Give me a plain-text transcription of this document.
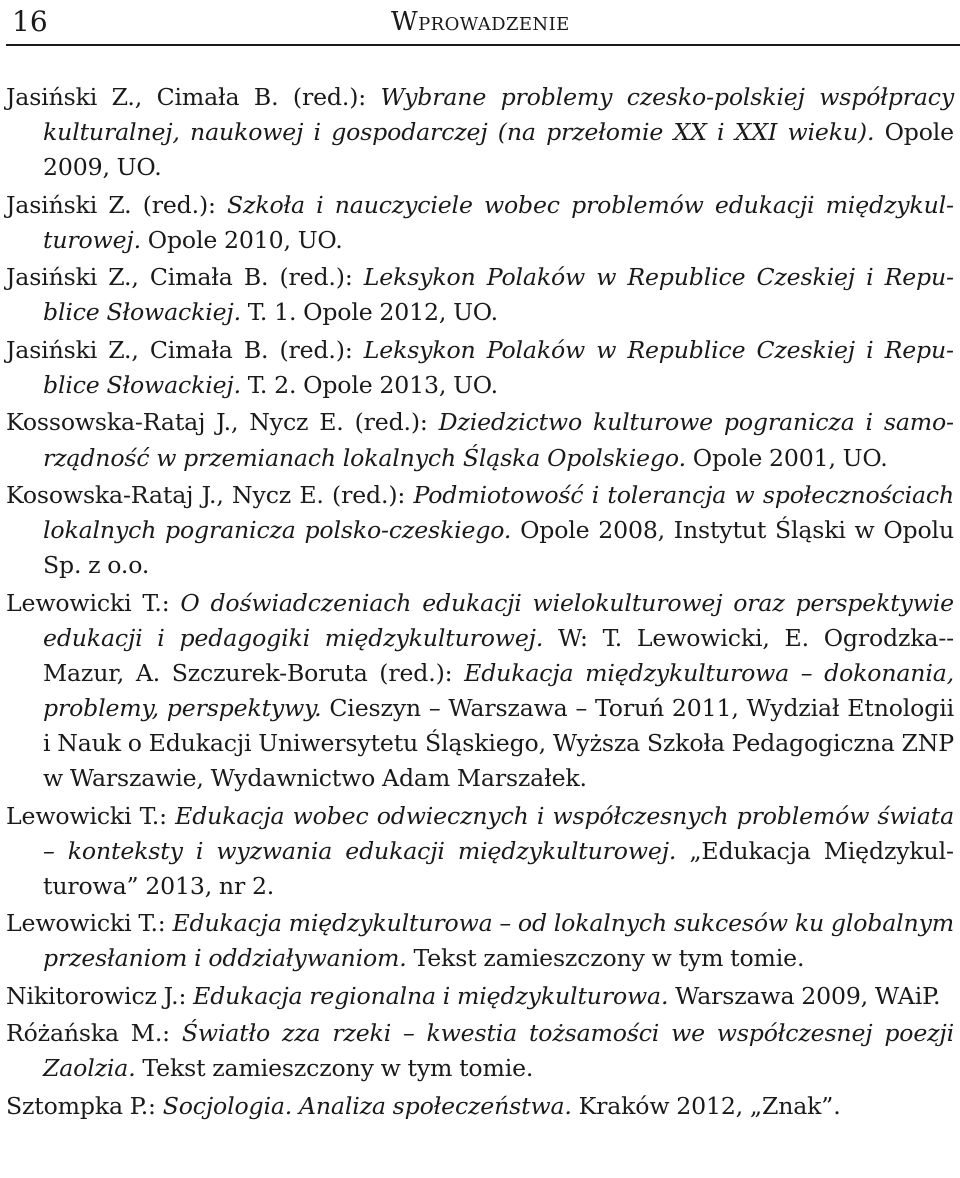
16	Wprowadzenie
Jasiński Z., Cimała B. (red.): Wybrane problemy czesko-polskiej współpracy kulturalnej, naukowej i gospodarczej (na przełomie XX i XXI wieku). Opole 2009, UO.
Jasiński Z. (red.): Szkoła i nauczyciele wobec problemów edukacji międzykulturowej. Opole 2010, UO.
Jasiński Z., Cimała B. (red.): Leksykon Polaków w Republice Czeskiej i Republice Słowackiej. T. 1. Opole 2012, UO.
Jasiński Z., Cimała B. (red.): Leksykon Polaków w Republice Czeskiej i Republice Słowackiej. T. 2. Opole 2013, UO.
Kossowska-Rataj J., Nycz E. (red.): Dziedzictwo kulturowe pogranicza i samorządność w przemianach lokalnych Śląska Opolskiego. Opole 2001, UO.
Kosowska-Rataj J., Nycz E. (red.): Podmiotowość i tolerancja w społecznościach lokalnych pogranicza polsko-czeskiego. Opole 2008, Instytut Śląski w Opolu Sp. z o.o.
Lewowicki T.: O doświadczeniach edukacji wielokulturowej oraz perspektywie edukacji i pedagogiki międzykulturowej. W: T. Lewowicki, E. Ogrodzka--Mazur, A. Szczurek-Boruta (red.): Edukacja międzykulturowa – dokonania, problemy, perspektywy. Cieszyn – Warszawa – Toruń 2011, Wydział Etnologii i Nauk o Edukacji Uniwersytetu Śląskiego, Wyższa Szkoła Pedagogiczna ZNP w Warszawie, Wydawnictwo Adam Marszałek.
Lewowicki T.: Edukacja wobec odwiecznych i współczesnych problemów świata – konteksty i wyzwania edukacji międzykulturowej. „Edukacja Międzykulturowa” 2013, nr 2.
Lewowicki T.: Edukacja międzykulturowa – od lokalnych sukcesów ku globalnym przesłaniom i oddziaływaniom. Tekst zamieszczony w tym tomie.
Nikitorowicz J.: Edukacja regionalna i międzykulturowa. Warszawa 2009, WAiP.
Różańska M.: Światło zza rzeki – kwestia tożsamości we współczesnej poezji Zaolzia. Tekst zamieszczony w tym tomie.
Sztompka P.: Socjologia. Analiza społeczeństwa. Kraków 2012, „Znak”.
